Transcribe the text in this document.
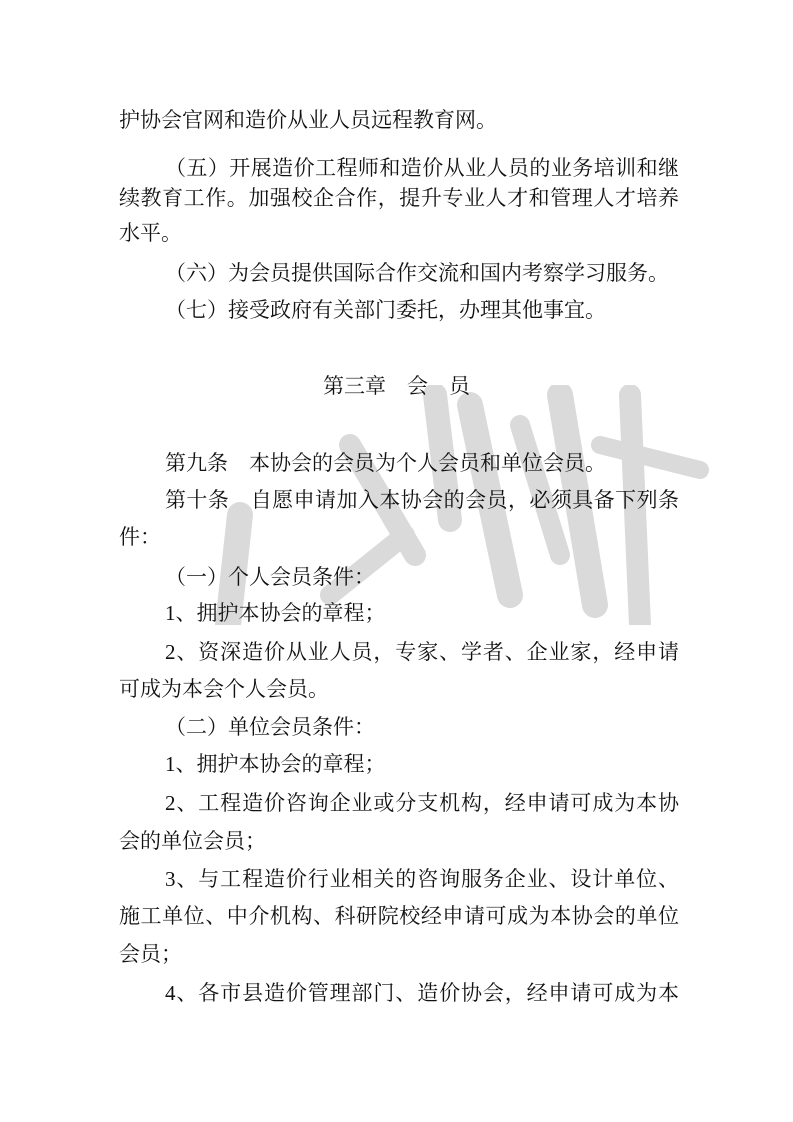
护协会官网和造价从业人员远程教育网。
（五）开展造价工程师和造价从业人员的业务培训和继
续教育工作。加强校企合作，提升专业人才和管理人才培养
水平。
（六）为会员提供国际合作交流和国内考察学习服务。
（七）接受政府有关部门委托，办理其他事宜。
第三章　会　员
第九条　本协会的会员为个人会员和单位会员。
第十条　自愿申请加入本协会的会员，必须具备下列条
件：
（一）个人会员条件：
1、拥护本协会的章程；
2、资深造价从业人员，专家、学者、企业家，经申请
可成为本会个人会员。
（二）单位会员条件：
1、拥护本协会的章程；
2、工程造价咨询企业或分支机构，经申请可成为本协
会的单位会员；
3、与工程造价行业相关的咨询服务企业、设计单位、
施工单位、中介机构、科研院校经申请可成为本协会的单位
会员；
4、各市县造价管理部门、造价协会，经申请可成为本
